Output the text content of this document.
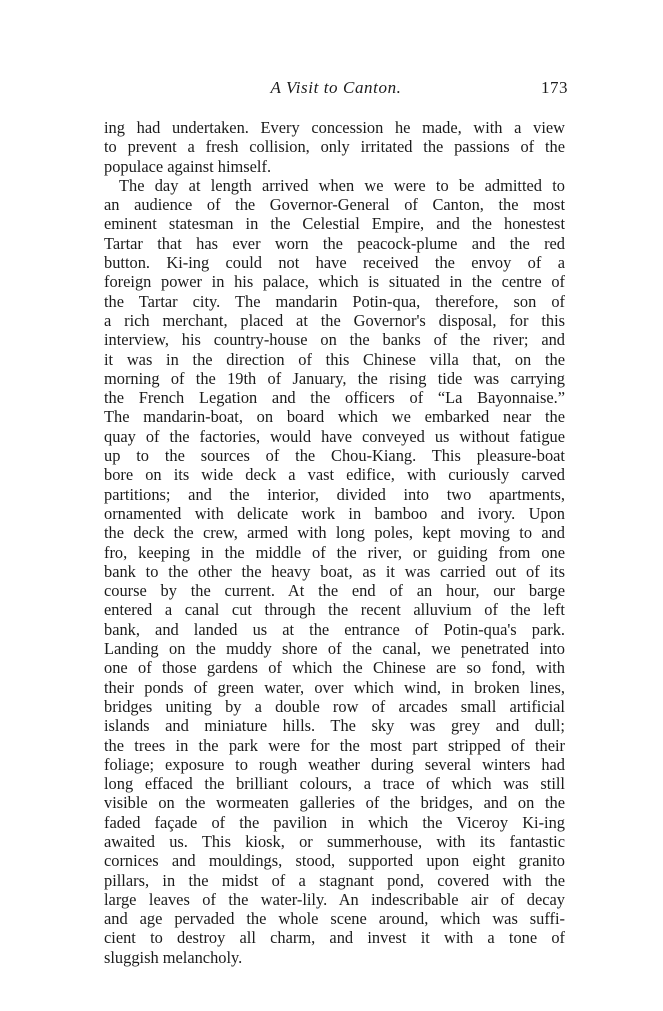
A Visit to Canton.	173
ing had undertaken. Every concession he made, with a view
to prevent a fresh collision, only irritated the passions of the
populace against himself.
The day at length arrived when we were to be admitted to
an audience of the Governor-General of Canton, the most
eminent statesman in the Celestial Empire, and the honestest
Tartar that has ever worn the peacock-plume and the red
button. Ki-ing could not have received the envoy of a
foreign power in his palace, which is situated in the centre of
the Tartar city. The mandarin Potin-qua, therefore, son of
a rich merchant, placed at the Governor's disposal, for this
interview, his country-house on the banks of the river; and
it was in the direction of this Chinese villa that, on the
morning of the 19th of January, the rising tide was carrying
the French Legation and the officers of “La Bayonnaise.”
The mandarin-boat, on board which we embarked near the
quay of the factories, would have conveyed us without fatigue
up to the sources of the Chou-Kiang. This pleasure-boat
bore on its wide deck a vast edifice, with curiously carved
partitions; and the interior, divided into two apartments,
ornamented with delicate work in bamboo and ivory. Upon
the deck the crew, armed with long poles, kept moving to and
fro, keeping in the middle of the river, or guiding from one
bank to the other the heavy boat, as it was carried out of its
course by the current. At the end of an hour, our barge
entered a canal cut through the recent alluvium of the left
bank, and landed us at the entrance of Potin-qua's park.
Landing on the muddy shore of the canal, we penetrated into
one of those gardens of which the Chinese are so fond, with
their ponds of green water, over which wind, in broken lines,
bridges uniting by a double row of arcades small artificial
islands and miniature hills. The sky was grey and dull;
the trees in the park were for the most part stripped of their
foliage; exposure to rough weather during several winters had
long effaced the brilliant colours, a trace of which was still
visible on the wormeaten galleries of the bridges, and on the
faded façade of the pavilion in which the Viceroy Ki-ing
awaited us. This kiosk, or summerhouse, with its fantastic
cornices and mouldings, stood, supported upon eight granito
pillars, in the midst of a stagnant pond, covered with the
large leaves of the water-lily. An indescribable air of decay
and age pervaded the whole scene around, which was suffi-
cient to destroy all charm, and invest it with a tone of
sluggish melancholy.
